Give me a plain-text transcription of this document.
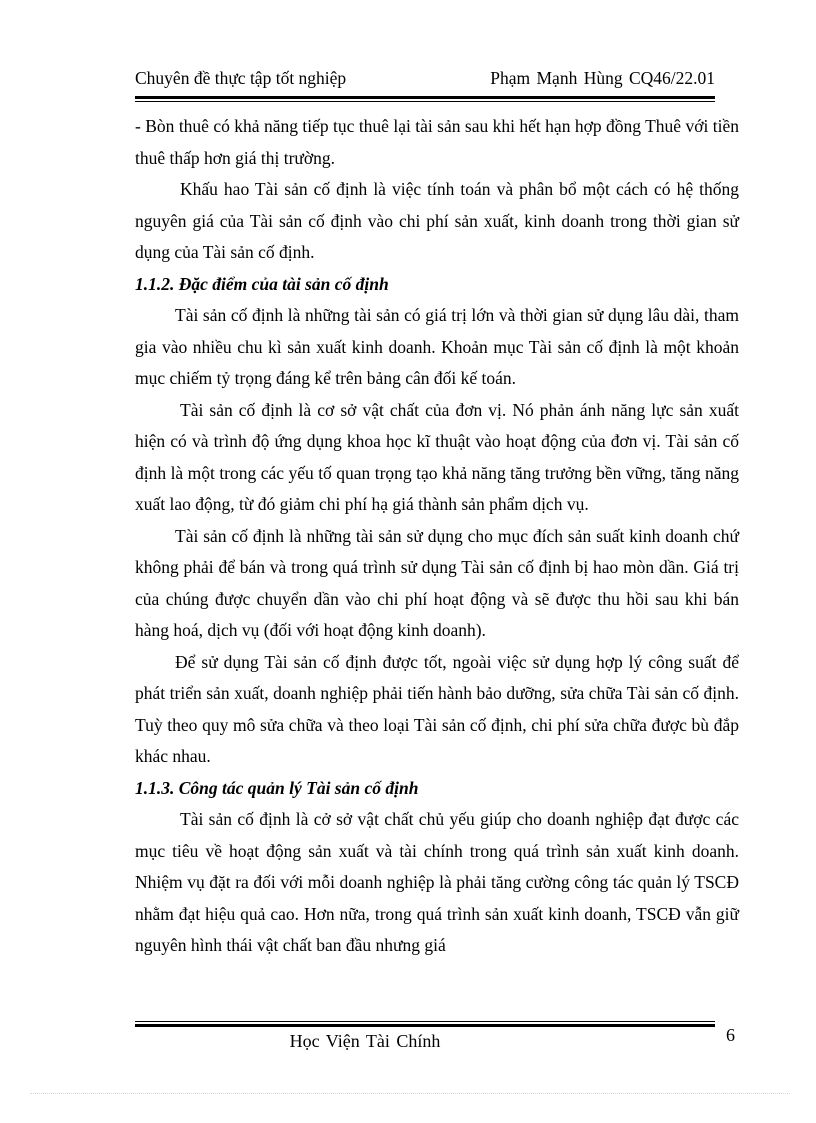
Chuyên đề thực tập tốt nghiệp	Phạm Mạnh Hùng CQ46/22.01

- Bòn thuê có khả năng tiếp tục thuê lại tài sản sau khi hết hạn hợp đồng Thuê với tiền thuê thấp hơn giá thị trường.

Khấu hao Tài sản cố định là việc tính toán và phân bổ một cách có hệ thống nguyên giá của Tài sản cố định vào chi phí sản xuất, kinh doanh trong thời gian sử dụng của Tài sản cố định.

1.1.2. Đặc điểm của tài sản cố định

Tài sản cố định là những tài sản có giá trị lớn và thời gian sử dụng lâu dài, tham gia vào nhiều chu kì sản xuất kinh doanh. Khoản mục Tài sản cố định là một khoản mục chiếm tỷ trọng đáng kể trên bảng cân đối kế toán.

Tài sản cố định là cơ sở vật chất của đơn vị. Nó phản ánh năng lực sản xuất hiện có và trình độ ứng dụng khoa học kĩ thuật vào hoạt động của đơn vị. Tài sản cố định là một trong các yếu tố quan trọng tạo khả năng tăng trưởng bền vững, tăng năng xuất lao động, từ đó giảm chi phí hạ giá thành sản phẩm dịch vụ.

Tài sản cố định là những tài sản sử dụng cho mục đích sản suất kinh doanh chứ không phải để bán và trong quá trình sử dụng Tài sản cố định bị hao mòn dần. Giá trị của chúng được chuyển dần vào chi phí hoạt động và sẽ được thu hồi sau khi bán hàng hoá, dịch vụ (đối với hoạt động kinh doanh).

Để sử dụng Tài sản cố định được tốt, ngoài việc sử dụng hợp lý công suất để phát triển sản xuất, doanh nghiệp phải tiến hành bảo dưỡng, sửa chữa Tài sản cố định. Tuỳ theo quy mô sửa chữa và theo loại Tài sản cố định, chi phí sửa chữa được bù đắp khác nhau.

1.1.3. Công tác quản lý Tài sản cố định

Tài sản cố định là cở sở vật chất chủ yếu giúp cho doanh nghiệp đạt được các mục tiêu về hoạt động sản xuất và tài chính trong quá trình sản xuất kinh doanh. Nhiệm vụ đặt ra đối với mỗi doanh nghiệp là phải tăng cường công tác quản lý TSCĐ nhằm đạt hiệu quả cao. Hơn nữa, trong quá trình sản xuất kinh doanh, TSCĐ vẫn giữ nguyên hình thái vật chất ban đầu nhưng giá

Học Viện Tài Chính	6
